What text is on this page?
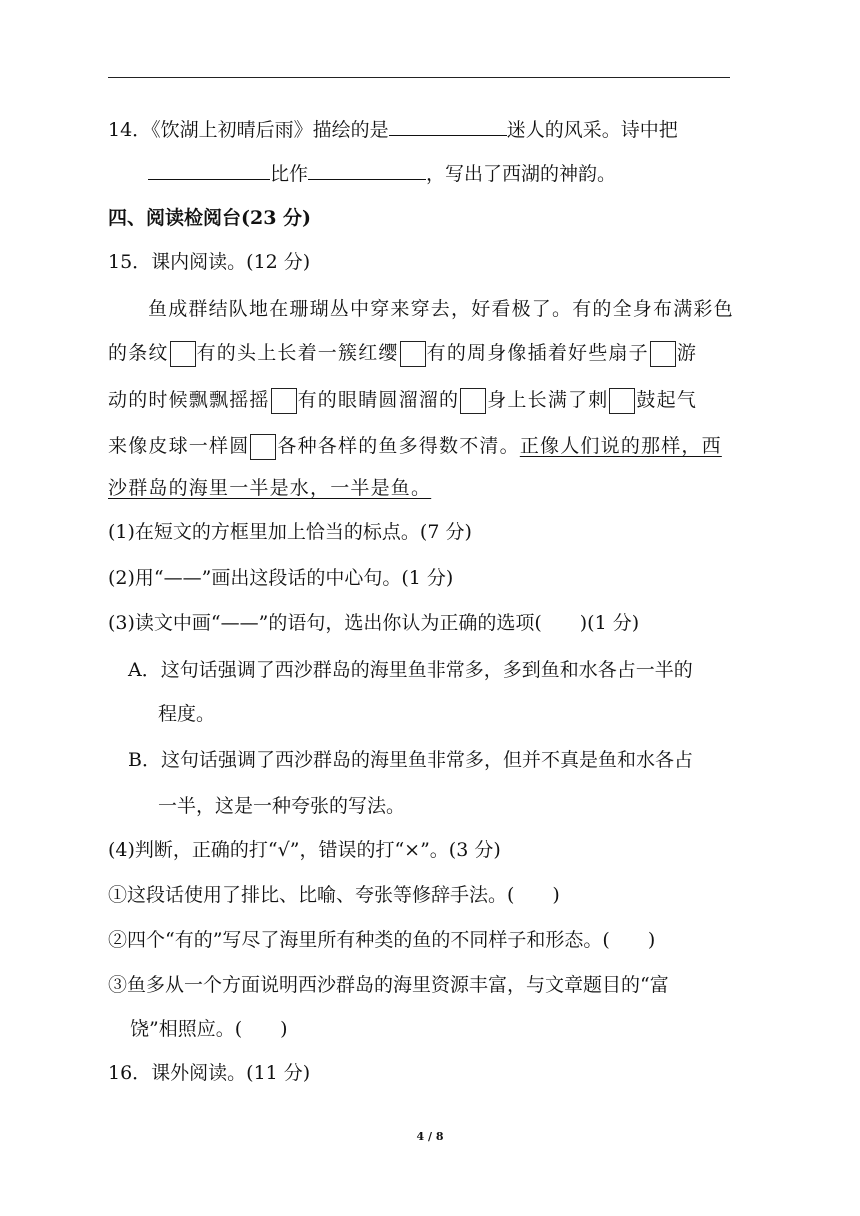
14．《饮湖上初晴后雨》描绘的是	迷人的风采。诗中把
比作	，写出了西湖的神韵。
四、阅读检阅台(23 分)
15．课内阅读。(12 分)
鱼成群结队地在珊瑚丛中穿来穿去，好看极了。有的全身布满彩色
的条纹 有的头上长着一簇红缨 有的周身像插着好些扇子 游
动的时候飘飘摇摇 有的眼睛圆溜溜的 身上长满了刺 鼓起气
来像皮球一样圆 各种各样的鱼多得数不清。正像人们说的那样，西
沙群岛的海里一半是水，一半是鱼。
(1)在短文的方框里加上恰当的标点。(7 分)
(2)用“——”画出这段话的中心句。(1 分)
(3)读文中画“——”的语句，选出你认为正确的选项(　　)(1 分)
A．这句话强调了西沙群岛的海里鱼非常多，多到鱼和水各占一半的
程度。
B．这句话强调了西沙群岛的海里鱼非常多，但并不真是鱼和水各占
一半，这是一种夸张的写法。
(4)判断，正确的打“√”，错误的打“×”。(3 分)
①这段话使用了排比、比喻、夸张等修辞手法。(　　)
②四个“有的”写尽了海里所有种类的鱼的不同样子和形态。(　　)
③鱼多从一个方面说明西沙群岛的海里资源丰富，与文章题目的“富
饶”相照应。(　　)
16．课外阅读。(11 分)
4 / 8
